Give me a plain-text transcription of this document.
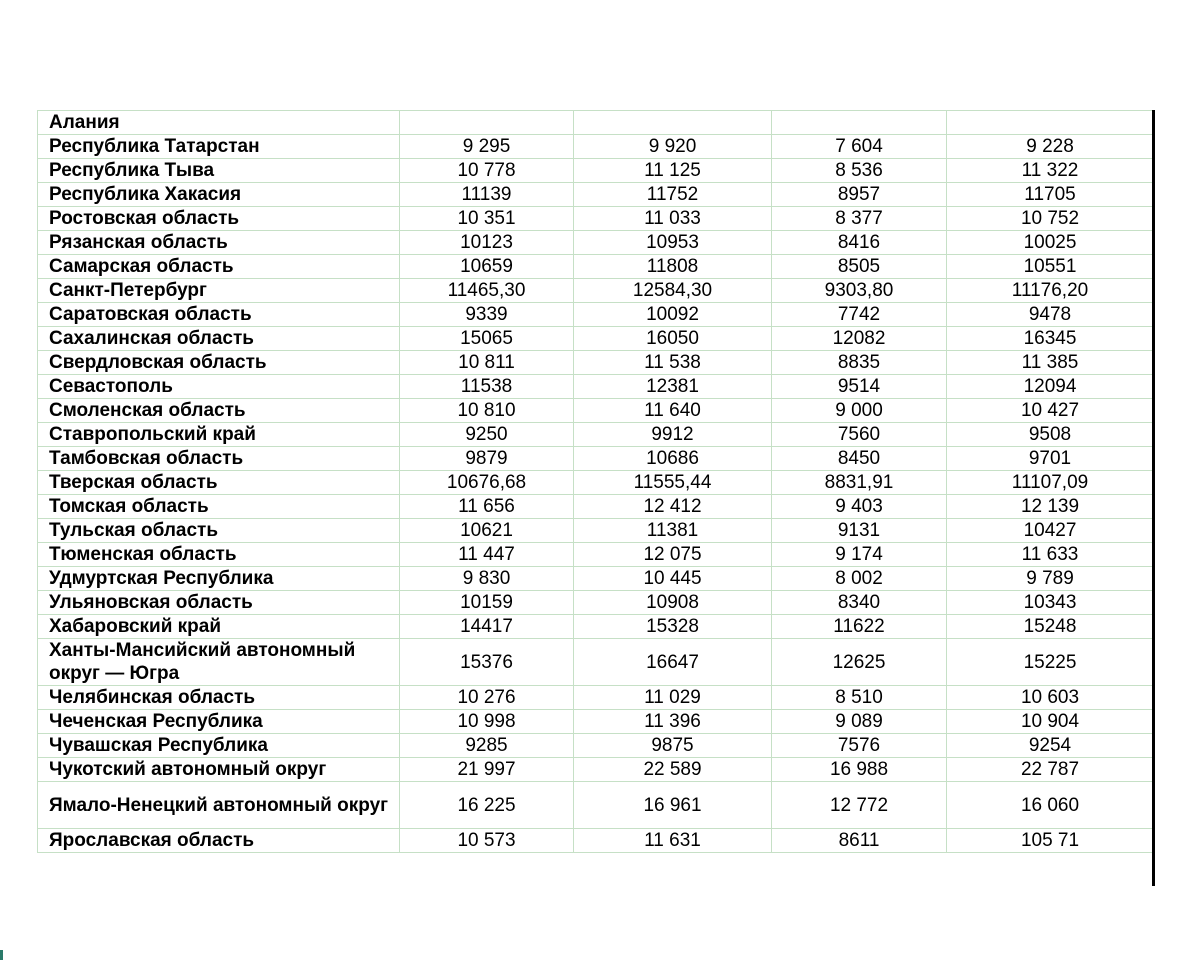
Алания				
Республика Татарстан	9 295	9 920	7 604	9 228
Республика Тыва	10 778	11 125	8 536	11 322
Республика Хакасия	11139	11752	8957	11705
Ростовская область	10 351	11 033	8 377	10 752
Рязанская область	10123	10953	8416	10025
Самарская область	10659	11808	8505	10551
Санкт-Петербург	11465,30	12584,30	9303,80	11176,20
Саратовская область	9339	10092	7742	9478
Сахалинская область	15065	16050	12082	16345
Свердловская область	10 811	11 538	8835	11 385
Севастополь	11538	12381	9514	12094
Смоленская область	10 810	11 640	9 000	10 427
Ставропольский край	9250	9912	7560	9508
Тамбовская область	9879	10686	8450	9701
Тверская область	10676,68	11555,44	8831,91	11107,09
Томская область	11 656	12 412	9 403	12 139
Тульская область	10621	11381	9131	10427
Тюменская область	11 447	12 075	9 174	11 633
Удмуртская Республика	9 830	10 445	8 002	9 789
Ульяновская область	10159	10908	8340	10343
Хабаровский край	14417	15328	11622	15248
Ханты-Мансийский автономный округ — Югра	15376	16647	12625	15225
Челябинская область	10 276	11 029	8 510	10 603
Чеченская Республика	10 998	11 396	9 089	10 904
Чувашская Республика	9285	9875	7576	9254
Чукотский автономный округ	21 997	22 589	16 988	22 787
Ямало-Ненецкий автономный округ	16 225	16 961	12 772	16 060
Ярославская область	10 573	11 631	8611	105 71
